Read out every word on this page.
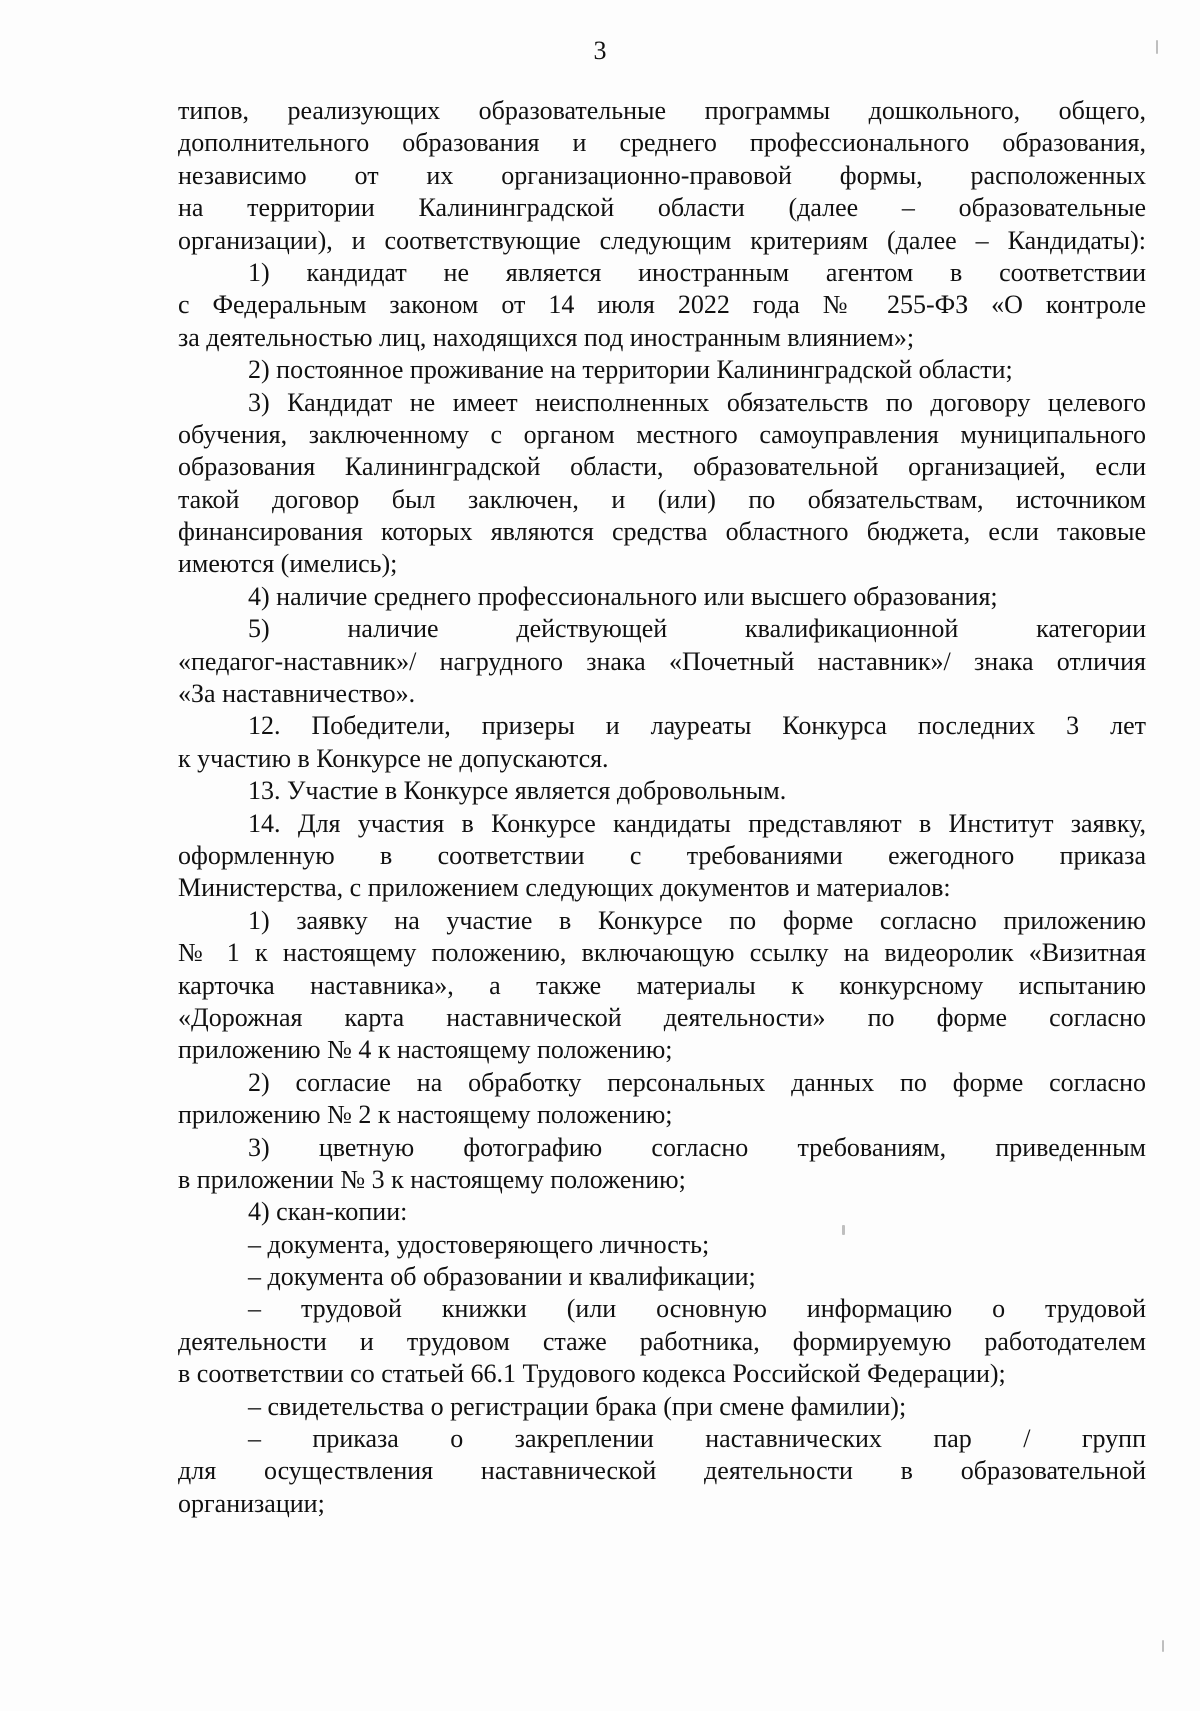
3
типов, реализующих образовательные программы дошкольного, общего,
дополнительного образования и среднего профессионального образования,
независимо от их организационно-правовой формы, расположенных
на территории Калининградской области (далее – образовательные
организации), и соответствующие следующим критериям (далее – Кандидаты):
1) кандидат не является иностранным агентом в соответствии
с Федеральным законом от 14 июля 2022 года № 255-ФЗ «О контроле
за деятельностью лиц, находящихся под иностранным влиянием»;
2) постоянное проживание на территории Калининградской области;
3) Кандидат не имеет неисполненных обязательств по договору целевого
обучения, заключенному с органом местного самоуправления муниципального
образования Калининградской области, образовательной организацией, если
такой договор был заключен, и (или) по обязательствам, источником
финансирования которых являются средства областного бюджета, если таковые
имеются (имелись);
4) наличие среднего профессионального или высшего образования;
5) наличие действующей квалификационной категории
«педагог-наставник»/ нагрудного знака «Почетный наставник»/ знака отличия
«За наставничество».
12. Победители, призеры и лауреаты Конкурса последних 3 лет
к участию в Конкурсе не допускаются.
13. Участие в Конкурсе является добровольным.
14. Для участия в Конкурсе кандидаты представляют в Институт заявку,
оформленную в соответствии с требованиями ежегодного приказа
Министерства, с приложением следующих документов и материалов:
1) заявку на участие в Конкурсе по форме согласно приложению
№ 1 к настоящему положению, включающую ссылку на видеоролик «Визитная
карточка наставника», а также материалы к конкурсному испытанию
«Дорожная карта наставнической деятельности» по форме согласно
приложению № 4 к настоящему положению;
2) согласие на обработку персональных данных по форме согласно
приложению № 2 к настоящему положению;
3) цветную фотографию согласно требованиям, приведенным
в приложении № 3 к настоящему положению;
4) скан-копии:
– документа, удостоверяющего личность;
– документа об образовании и квалификации;
– трудовой книжки (или основную информацию о трудовой
деятельности и трудовом стаже работника, формируемую работодателем
в соответствии со статьей 66.1 Трудового кодекса Российской Федерации);
– свидетельства о регистрации брака (при смене фамилии);
– приказа о закреплении наставнических пар / групп
для осуществления наставнической деятельности в образовательной
организации;
